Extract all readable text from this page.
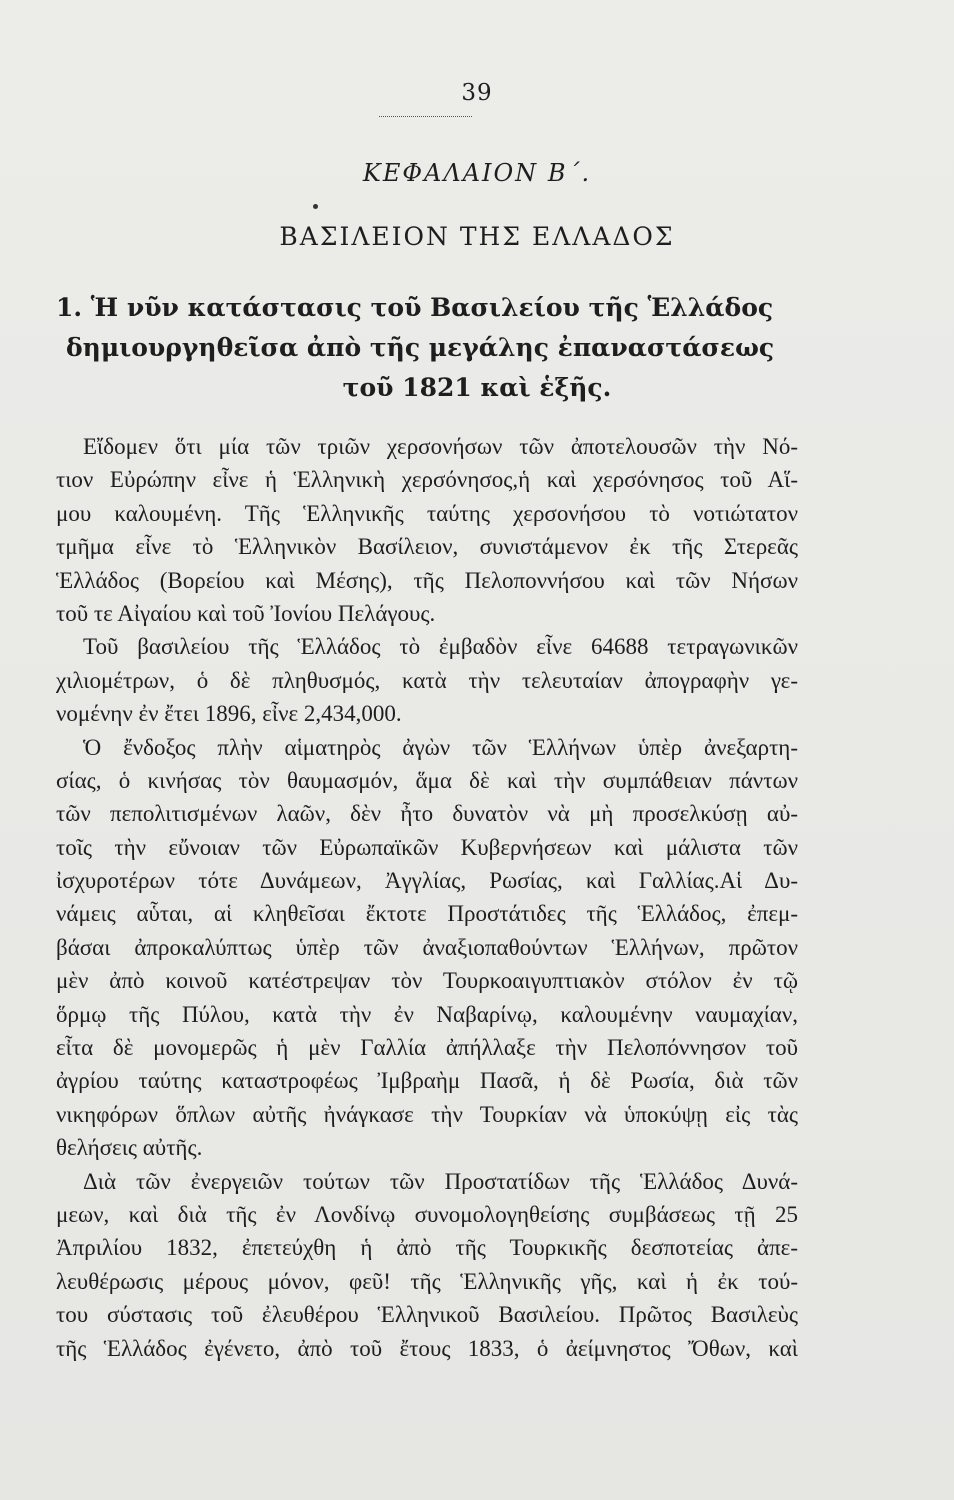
39
ΚΕΦΑΛΑΙΟΝ Β΄.
ΒΑΣΙΛΕΙΟΝ ΤΗΣ ΕΛΛΑΔΟΣ
1. Ἡ νῦν κατάστασις τοῦ Βασιλείου τῆς Ἑλλάδος
δημιουργηθεῖσα ἀπὸ τῆς μεγάλης ἐπαναστάσεως
τοῦ 1821 καὶ ἑξῆς.
Εἴδομεν ὅτι μία τῶν τριῶν χερσονήσων τῶν ἀποτελουσῶν τὴν Νό-
τιον Εὐρώπην εἶνε ἡ Ἑλληνικὴ χερσόνησος,ἡ καὶ χερσόνησος τοῦ Αἵ-
μου καλουμένη. Τῆς Ἑλληνικῆς ταύτης χερσονήσου τὸ νοτιώτατον
τμῆμα εἶνε τὸ Ἑλληνικὸν Βασίλειον, συνιστάμενον ἐκ τῆς Στερεᾶς
Ἑλλάδος (Βορείου καὶ Μέσης), τῆς Πελοποννήσου καὶ τῶν Νήσων
τοῦ τε Αἰγαίου καὶ τοῦ Ἰονίου Πελάγους.
Τοῦ βασιλείου τῆς Ἑλλάδος τὸ ἐμβαδὸν εἶνε 64688 τετραγωνικῶν
χιλιομέτρων, ὁ δὲ πληθυσμός, κατὰ τὴν τελευταίαν ἀπογραφὴν γε-
νομένην ἐν ἔτει 1896, εἶνε 2,434,000.
Ὁ ἔνδοξος πλὴν αἱματηρὸς ἀγὼν τῶν Ἑλλήνων ὑπὲρ ἀνεξαρτη-
σίας, ὁ κινήσας τὸν θαυμασμόν, ἅμα δὲ καὶ τὴν συμπάθειαν πάντων
τῶν πεπολιτισμένων λαῶν, δὲν ἦτο δυνατὸν νὰ μὴ προσελκύσῃ αὐ-
τοῖς τὴν εὔνοιαν τῶν Εὐρωπαϊκῶν Κυβερνήσεων καὶ μάλιστα τῶν
ἰσχυροτέρων τότε Δυνάμεων, Ἀγγλίας, Ρωσίας, καὶ Γαλλίας.Αἱ Δυ-
νάμεις αὗται, αἱ κληθεῖσαι ἔκτοτε Προστάτιδες τῆς Ἑλλάδος, ἐπεμ-
βάσαι ἀπροκαλύπτως ὑπὲρ τῶν ἀναξιοπαθούντων Ἑλλήνων, πρῶτον
μὲν ἀπὸ κοινοῦ κατέστρεψαν τὸν Τουρκοαιγυπτιακὸν στόλον ἐν τῷ
ὅρμῳ τῆς Πύλου, κατὰ τὴν ἐν Ναβαρίνῳ, καλουμένην ναυμαχίαν,
εἶτα δὲ μονομερῶς ἡ μὲν Γαλλία ἀπήλλαξε τὴν Πελοπόννησον τοῦ
ἀγρίου ταύτης καταστροφέως Ἰμβραὴμ Πασᾶ, ἡ δὲ Ρωσία, διὰ τῶν
νικηφόρων ὅπλων αὐτῆς ἠνάγκασε τὴν Τουρκίαν νὰ ὑποκύψῃ εἰς τὰς
θελήσεις αὐτῆς.
Διὰ τῶν ἐνεργειῶν τούτων τῶν Προστατίδων τῆς Ἑλλάδος Δυνά-
μεων, καὶ διὰ τῆς ἐν Λονδίνῳ συνομολογηθείσης συμβάσεως τῇ 25
Ἀπριλίου 1832, ἐπετεύχθη ἡ ἀπὸ τῆς Τουρκικῆς δεσποτείας ἀπε-
λευθέρωσις μέρους μόνον, φεῦ! τῆς Ἑλληνικῆς γῆς, καὶ ἡ ἐκ τού-
του σύστασις τοῦ ἐλευθέρου Ἑλληνικοῦ Βασιλείου. Πρῶτος Βασιλεὺς
τῆς Ἑλλάδος ἐγένετο, ἀπὸ τοῦ ἔτους 1833, ὁ ἀείμνηστος Ὄθων, καὶ
